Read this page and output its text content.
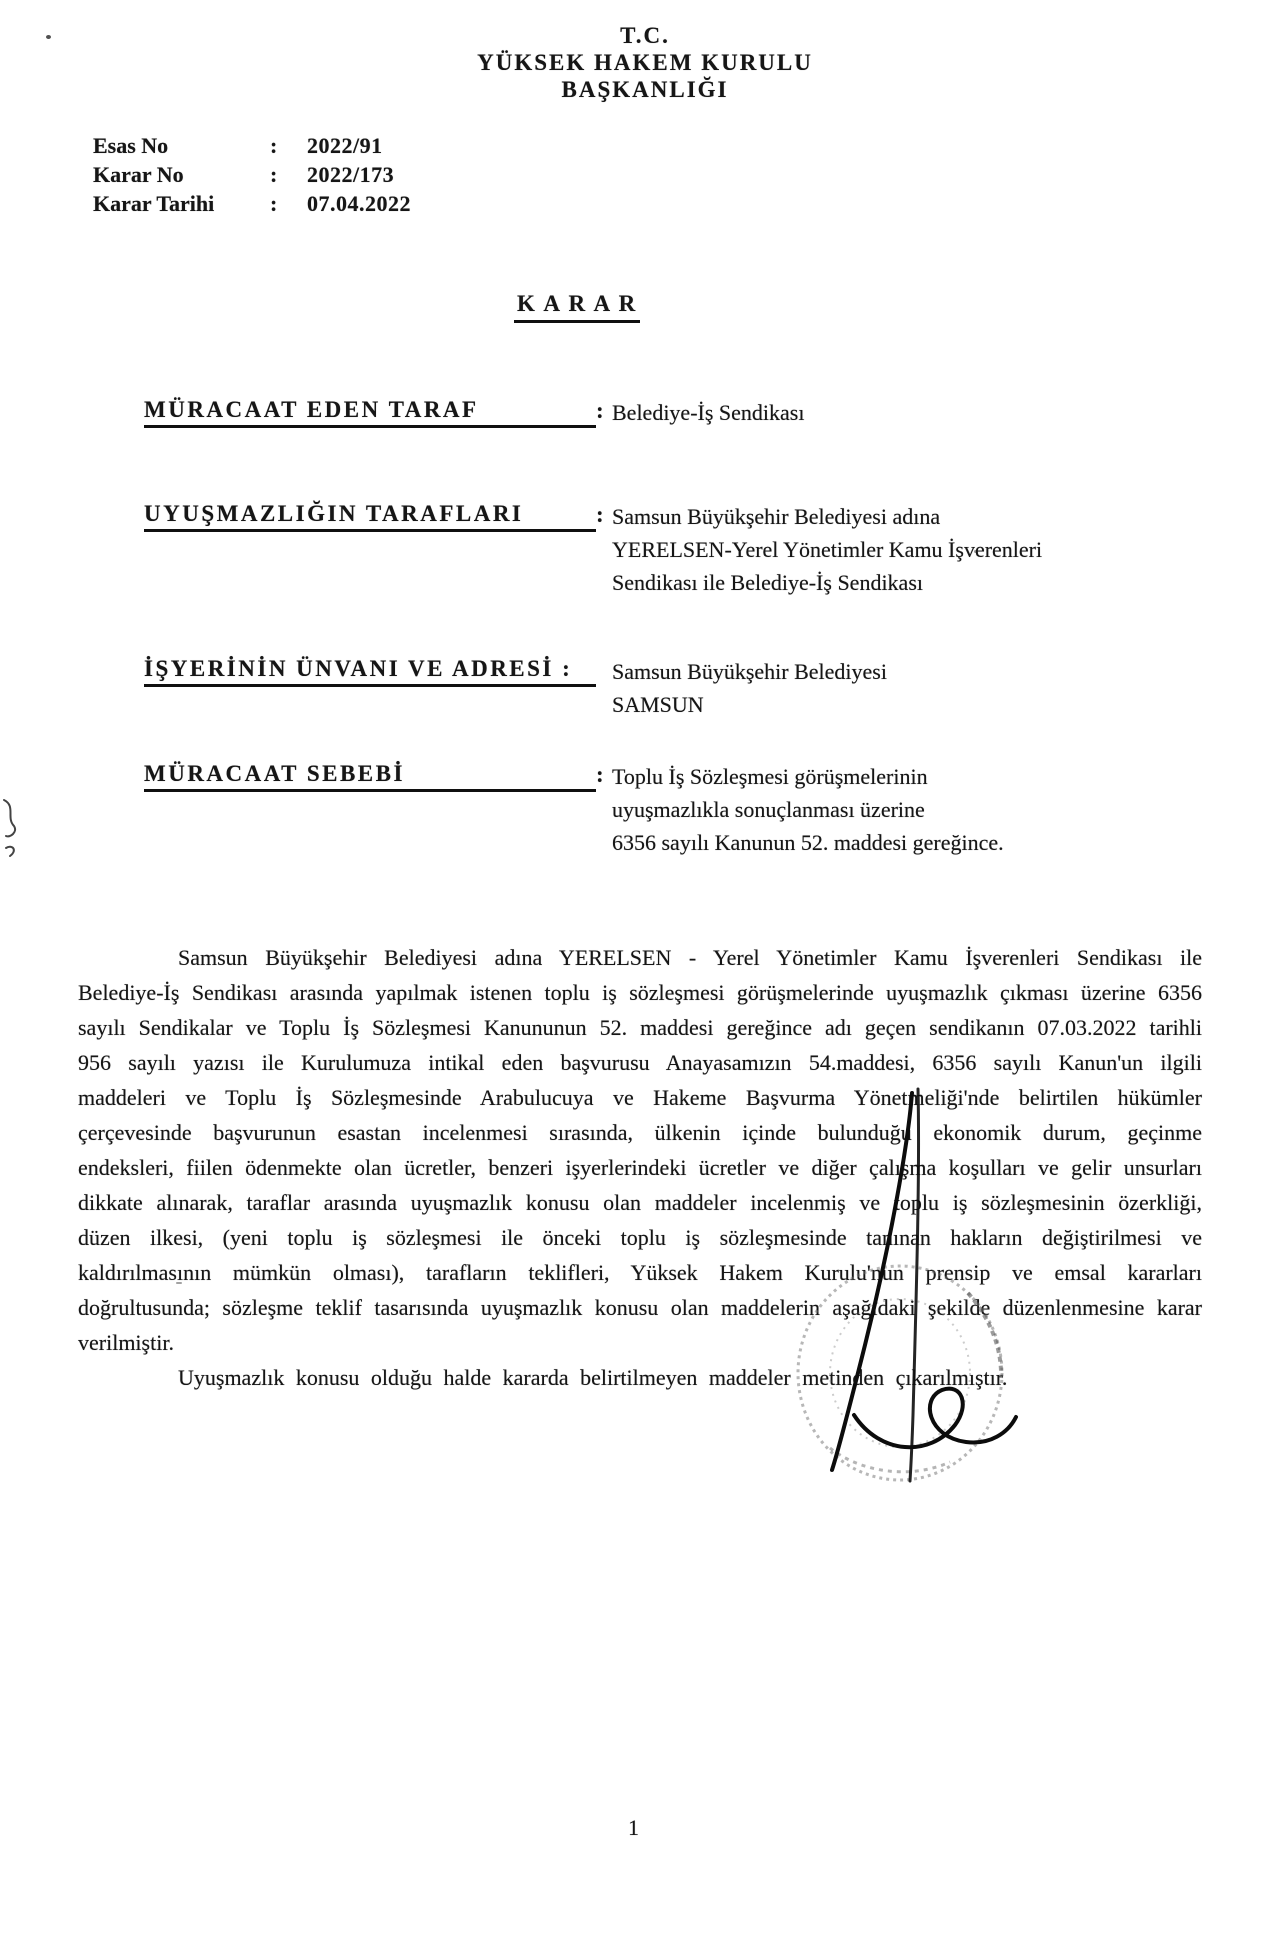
T.C.
YÜKSEK HAKEM KURULU
BAŞKANLIĞI
Esas No	: 2022/91
Karar No	: 2022/173
Karar Tarihi	: 07.04.2022
K A R A R
MÜRACAAT EDEN TARAF	: Belediye-İş Sendikası
UYUŞMAZLIĞIN TARAFLARI	: Samsun Büyükşehir Belediyesi adına
YERELSEN-Yerel Yönetimler Kamu İşverenleri
Sendikası ile Belediye-İş Sendikası
İŞYERİNİN ÜNVANI VE ADRESİ :	Samsun Büyükşehir Belediyesi
SAMSUN
MÜRACAAT SEBEBİ	: Toplu İş Sözleşmesi görüşmelerinin
uyuşmazlıkla sonuçlanması üzerine
6356 sayılı Kanunun 52. maddesi gereğince.

Samsun Büyükşehir Belediyesi adına YERELSEN - Yerel Yönetimler Kamu İşverenleri Sendikası ile Belediye-İş Sendikası arasında yapılmak istenen toplu iş sözleşmesi görüşmelerinde uyuşmazlık çıkması üzerine 6356 sayılı Sendikalar ve Toplu İş Sözleşmesi Kanununun 52. maddesi gereğince adı geçen sendikanın 07.03.2022 tarihli 956 sayılı yazısı ile Kurulumuza intikal eden başvurusu Anayasamızın 54.maddesi, 6356 sayılı Kanun'un ilgili maddeleri ve Toplu İş Sözleşmesinde Arabulucuya ve Hakeme Başvurma Yönetmeliği'nde belirtilen hükümler çerçevesinde başvurunun esastan incelenmesi sırasında, ülkenin içinde bulunduğu ekonomik durum, geçinme endeksleri, fiilen ödenmekte olan ücretler, benzeri işyerlerindeki ücretler ve diğer çalışma koşulları ve gelir unsurları dikkate alınarak, taraflar arasında uyuşmazlık konusu olan maddeler incelenmiş ve toplu iş sözleşmesinin özerkliği, düzen ilkesi, (yeni toplu iş sözleşmesi ile önceki toplu iş sözleşmesinde tanınan hakların değiştirilmesi ve kaldırılmasının mümkün olması), tarafların teklifleri, Yüksek Hakem Kurulu'nun prensip ve emsal kararları doğrultusunda; sözleşme teklif tasarısında uyuşmazlık konusu olan maddelerin aşağıdaki şekilde düzenlenmesine karar verilmiştir.

Uyuşmazlık konusu olduğu halde kararda belirtilmeyen maddeler metinden çıkarılmıştır.

1
